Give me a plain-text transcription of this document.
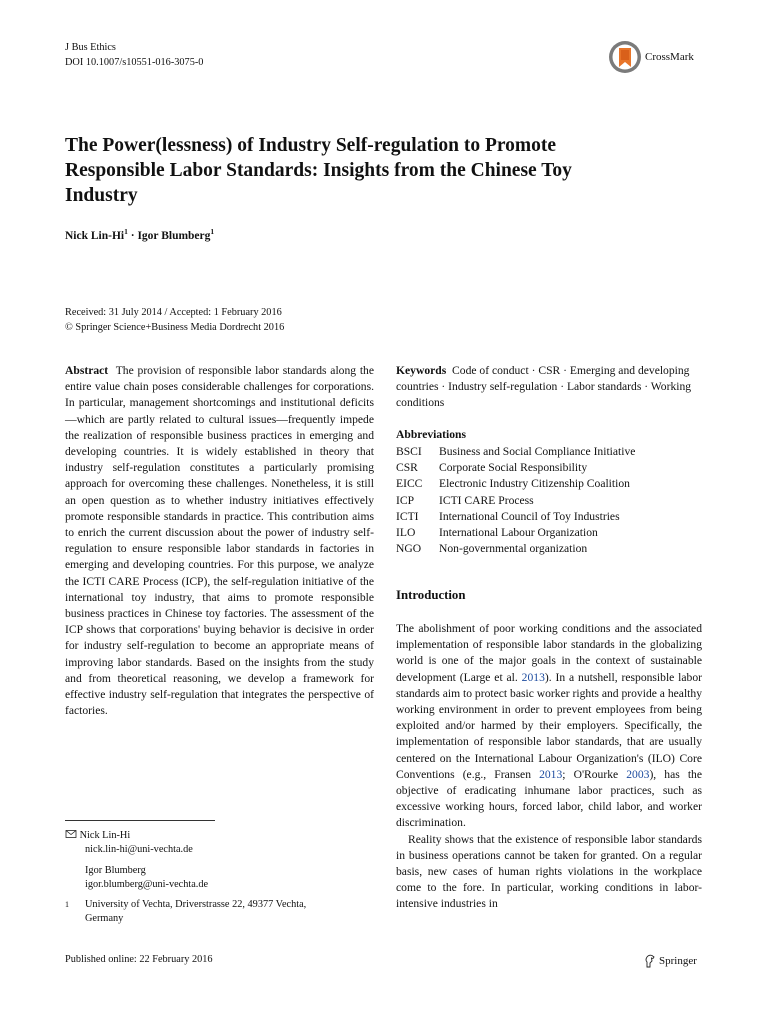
J Bus Ethics
DOI 10.1007/s10551-016-3075-0	CrossMark
The Power(lessness) of Industry Self-regulation to Promote Responsible Labor Standards: Insights from the Chinese Toy Industry
Nick Lin-$Hi^1$ · Igor Blumberg$^1$
Received: 31 July 2014 / Accepted: 1 February 2016
© Springer Science+Business Media Dordrecht 2016
Abstract The provision of responsible labor standards along the entire value chain poses considerable challenges for corporations. In particular, management shortcomings and institutional deficits—which are partly related to cultural issues—frequently impede the realization of responsible business practices in emerging and developing countries. It is widely established in theory that industry self-regulation constitutes a particularly promising approach for overcoming these challenges. Nonetheless, it is still an open question as to whether industry initiatives effectively promote responsible standards in practice. This contribution aims to enrich the current discussion about the power of industry self-regulation to ensure responsible labor standards in factories in emerging and developing countries. For this purpose, we analyze the ICTI CARE Process (ICP), the self-regulation initiative of the international toy industry, that aims to promote responsible business practices in Chinese toy factories. The assessment of the ICP shows that corporations' buying behavior is decisive in order for industry self-regulation to become an appropriate means of improving labor standards. Based on the insights from the study and from theoretical reasoning, we develop a framework for effective industry self-regulation that integrates the perspective of factories.
Keywords Code of conduct · CSR · Emerging and developing countries · Industry self-regulation · Labor standards · Working conditions
Abbreviations
BSCI	Business and Social Compliance Initiative
CSR	Corporate Social Responsibility
EICC	Electronic Industry Citizenship Coalition
ICP	ICTI CARE Process
ICTI	International Council of Toy Industries
ILO	International Labour Organization
NGO	Non-governmental organization
Introduction

The abolishment of poor working conditions and the associated implementation of responsible labor standards in the globalizing world is one of the major goals in the context of sustainable development (Large et al. 2013). In a nutshell, responsible labor standards aim to protect basic worker rights and provide a healthy working environment in order to prevent employees from being exploited and/or harmed by their employers. Specifically, the implementation of responsible labor standards, that are usually centered on the International Labour Organization's (ILO) Core Conventions (e.g., Fransen 2013; O'Rourke 2003), has the objective of eradicating inhumane labor practices, such as excessive working hours, forced labor, child labor, and worker discrimination.

Reality shows that the existence of responsible labor standards in business operations cannot be taken for granted. On a regular basis, new cases of human rights violations in the workplace come to the fore. In particular, working conditions in labor-intensive industries in

Nick Lin-Hi
nick.lin-hi@uni-vechta.de
Igor Blumberg
igor.blumberg@uni-vechta.de
1	University of Vechta, Driverstrasse 22, 49377 Vechta,
Germany
Published online: 22 February 2016	Springer
